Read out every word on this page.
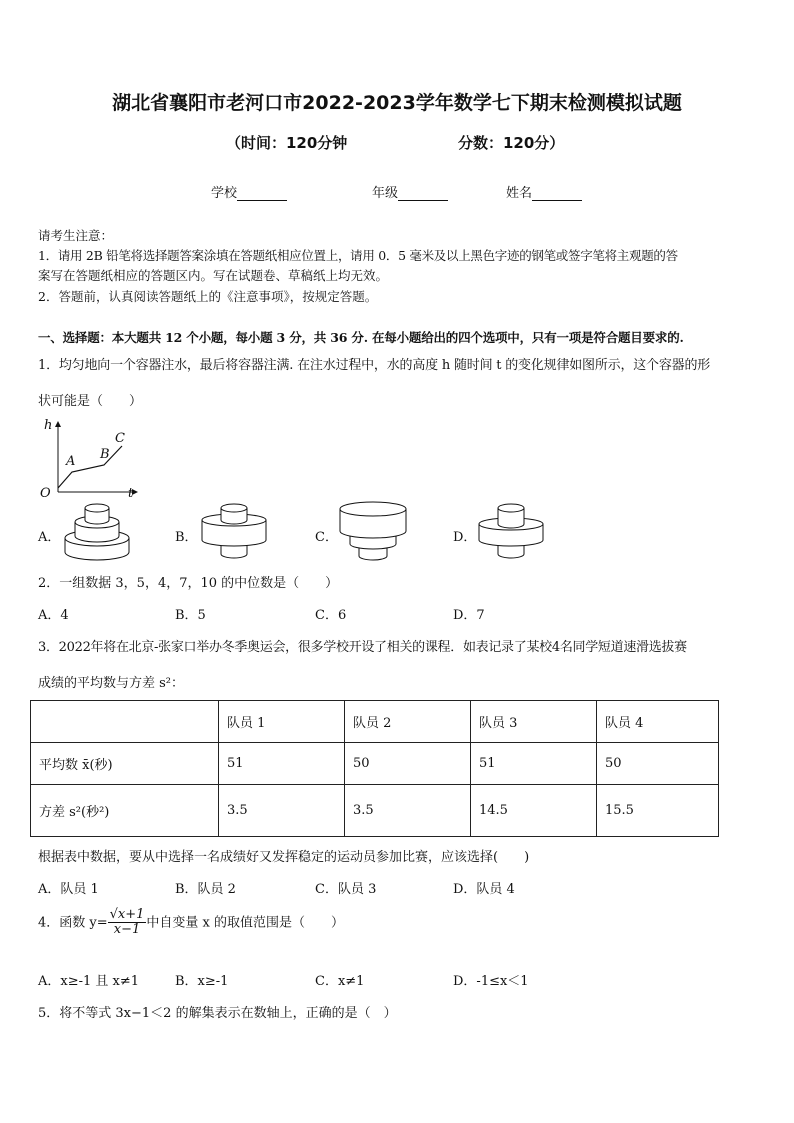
湖北省襄阳市老河口市2022-2023学年数学七下期末检测模拟试题
（时间：120分钟	分数：120分）
学校	年级	姓名
请考生注意：
1．请用 2B 铅笔将选择题答案涂填在答题纸相应位置上，请用 0．5 毫米及以上黑色字迹的钢笔或签字笔将主观题的答
案写在答题纸相应的答题区内。写在试题卷、草稿纸上均无效。
2．答题前，认真阅读答题纸上的《注意事项》，按规定答题。
一、选择题：本大题共 12 个小题，每小题 3 分，共 36 分. 在每小题给出的四个选项中，只有一项是符合题目要求的.
1．均匀地向一个容器注水，最后将容器注满. 在注水过程中，水的高度 h 随时间 t 的变化规律如图所示，这个容器的形
状可能是（　　）
h
t
O
A B
C
A．	B．	C．	D．
2．一组数据 3，5，4，7，10 的中位数是（　　）
A．4	B．5	C．6	D．7
3．2022年将在北京-张家口举办冬季奥运会，很多学校开设了相关的课程．如表记录了某校4名同学短道速滑选拔赛
成绩的平均数与方差 s²：
	队员 1	队员 2	队员 3	队员 4
平均数 x̄(秒)	51	50	51	50
方差 s²(秒²)	3.5	3.5	14.5	15.5
根据表中数据，要从中选择一名成绩好又发挥稳定的运动员参加比赛，应该选择(　　)
A．队员 1	B．队员 2	C．队员 3	D．队员 4
4．函数 $y= \frac{√x+1}{x-1}$ 中自变量 x 的取值范围是（　　）
A．x≥-1 且 x≠1	B．x≥-1	C．x≠1	D．-1≤x＜1
5．将不等式 3x−1＜2 的解集表示在数轴上，正确的是（　）
